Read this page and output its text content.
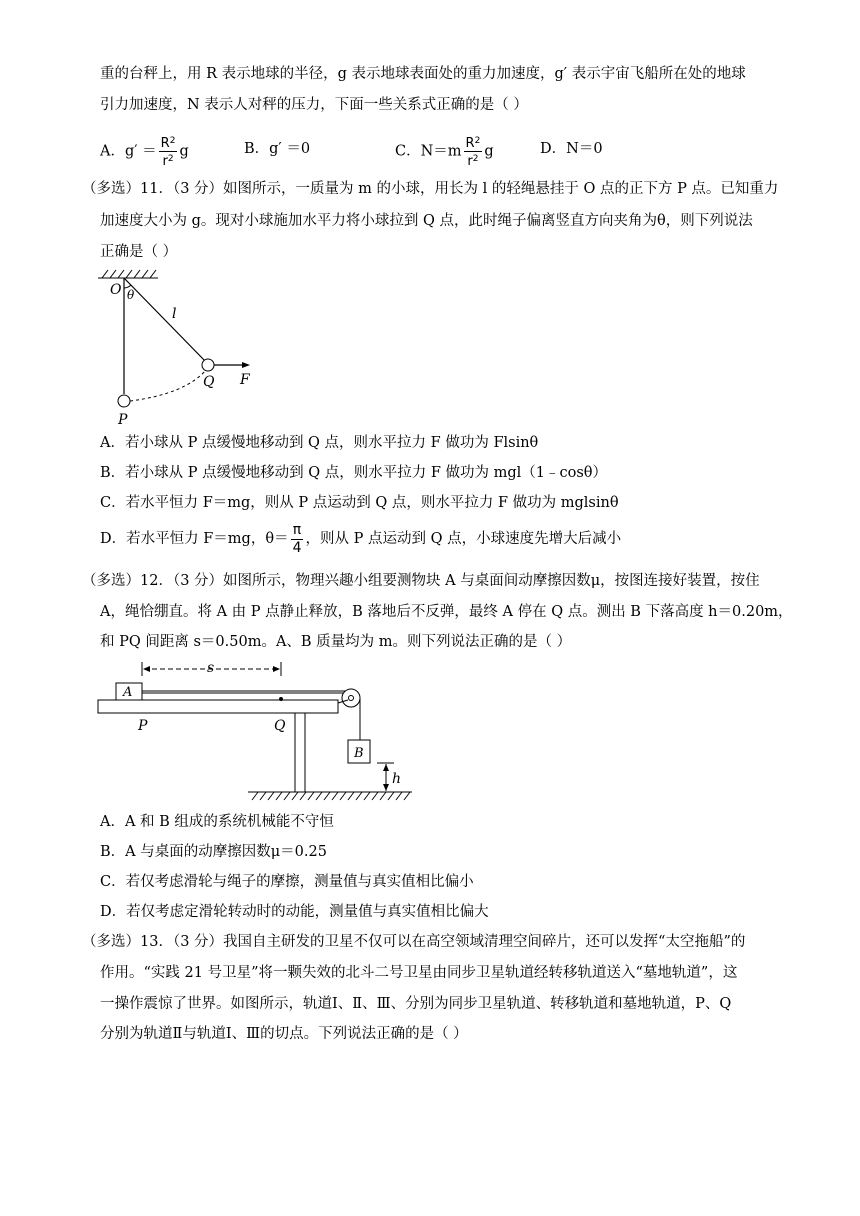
重的台秤上，用 R 表示地球的半径，g 表示地球表面处的重力加速度，g′ 表示宇宙飞船所在处的地球
引力加速度，N 表示人对秤的压力，下面一些关系式正确的是（ ）
A．$g' = \frac{R^2}{r^2}$ g	B．g′ ＝0	C．$N=m \frac{R^2}{r^2}$ g	D．N＝0
（多选）11．（3 分）如图所示，一质量为 m 的小球，用长为 l 的轻绳悬挂于 O 点的正下方 P 点。已知重力
加速度大小为 g。现对小球施加水平力将小球拉到 Q 点，此时绳子偏离竖直方向夹角为θ，则下列说法
正确是（ ）
O θ
l
Q F
P
A．若小球从 P 点缓慢地移动到 Q 点，则水平拉力 F 做功为 Flsinθ
B．若小球从 P 点缓慢地移动到 Q 点，则水平拉力 F 做功为 mgl（1﹣cosθ）
C．若水平恒力 F＝mg，则从 P 点运动到 Q 点，则水平拉力 F 做功为 mglsinθ
D．若水平恒力 F＝mg，$\theta= \frac{\pi}{4}$ ，则从 P 点运动到 Q 点，小球速度先增大后减小
（多选）12．（3 分）如图所示，物理兴趣小组要测物块 A 与桌面间动摩擦因数μ，按图连接好装置，按住
A，绳恰绷直。将 A 由 P 点静止释放，B 落地后不反弹，最终 A 停在 Q 点。测出 B 下落高度 h＝0.20m，
和 PQ 间距离 s＝0.50m。A、B 质量均为 m。则下列说法正确的是（ ）
s
A
P	Q
B
h
A．A 和 B 组成的系统机械能不守恒
B．A 与桌面的动摩擦因数μ＝0.25
C．若仅考虑滑轮与绳子的摩擦，测量值与真实值相比偏小
D．若仅考虑定滑轮转动时的动能，测量值与真实值相比偏大
（多选）13．（3 分）我国自主研发的卫星不仅可以在高空领域清理空间碎片，还可以发挥“太空拖船”的
作用。“实践 21 号卫星”将一颗失效的北斗二号卫星由同步卫星轨道经转移轨道送入“墓地轨道”，这
一操作震惊了世界。如图所示，轨道Ⅰ、Ⅱ、Ⅲ、分别为同步卫星轨道、转移轨道和墓地轨道，P、Q
分别为轨道Ⅱ与轨道Ⅰ、Ⅲ的切点。下列说法正确的是（ ）
